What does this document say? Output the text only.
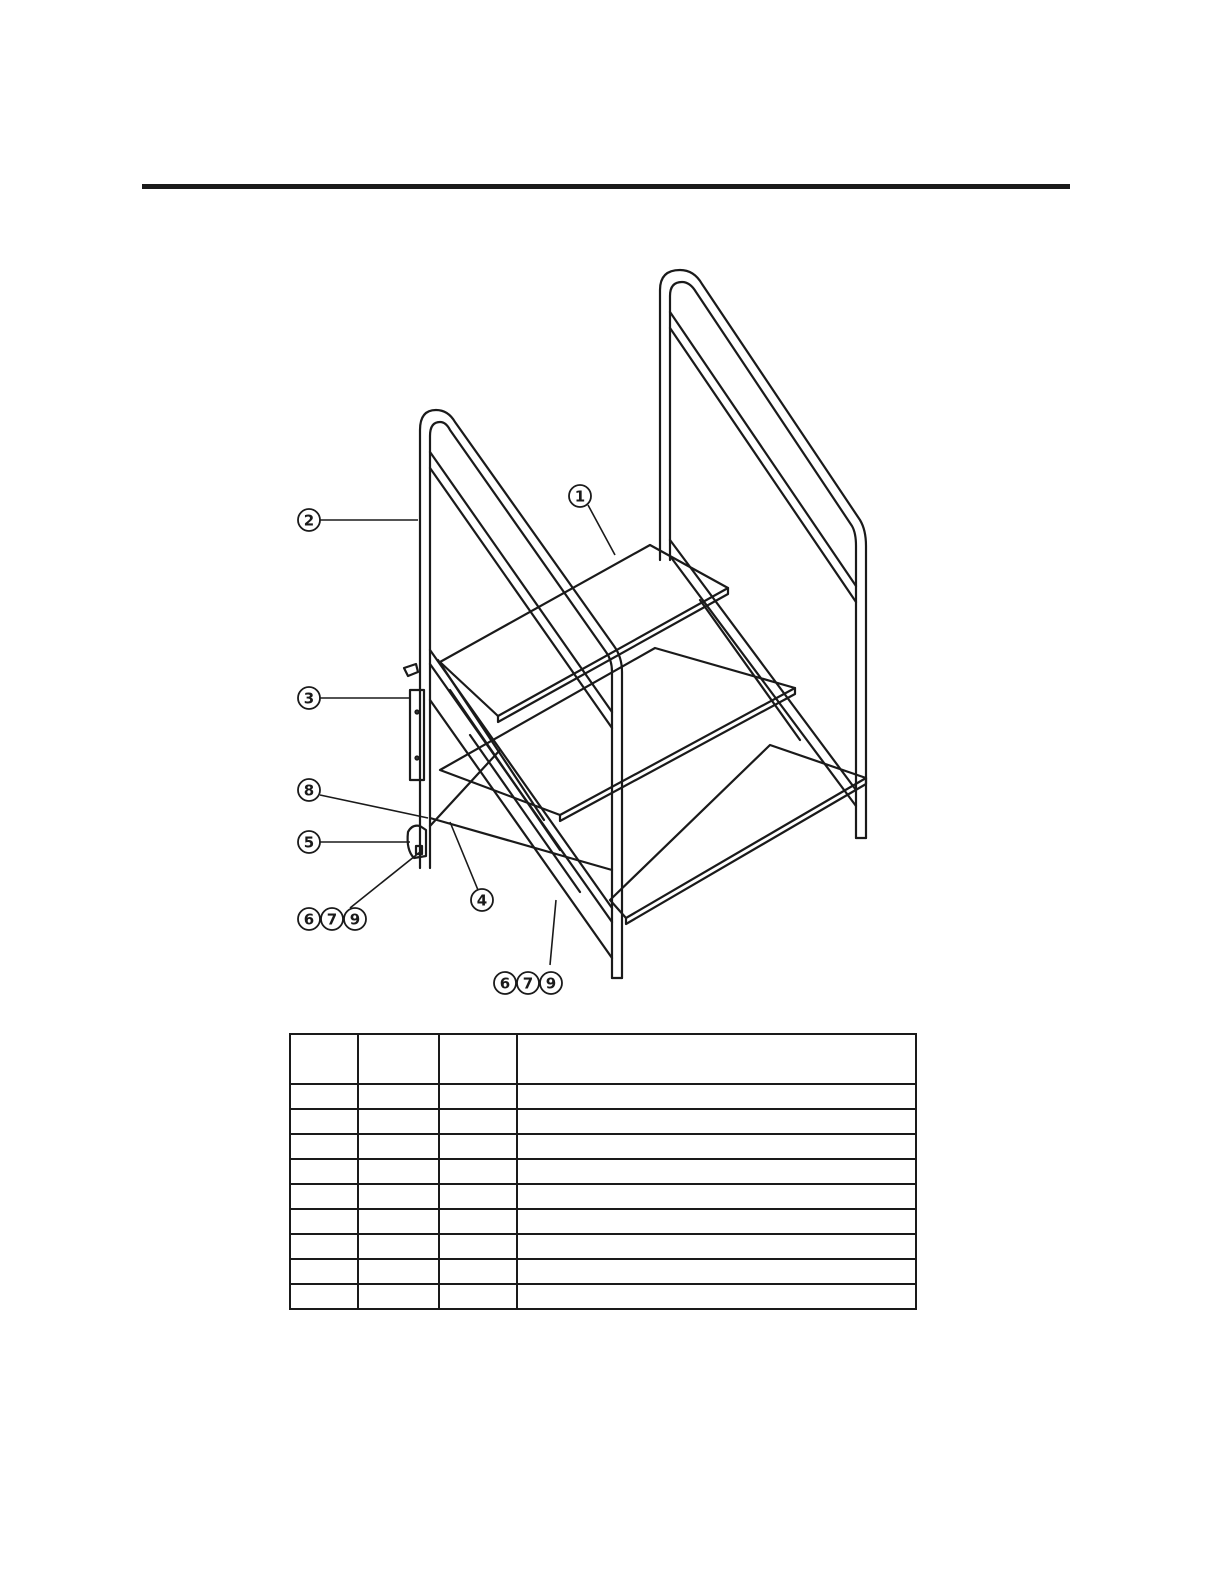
1
2
3
8
5
4
6 7 9
6 7 9
